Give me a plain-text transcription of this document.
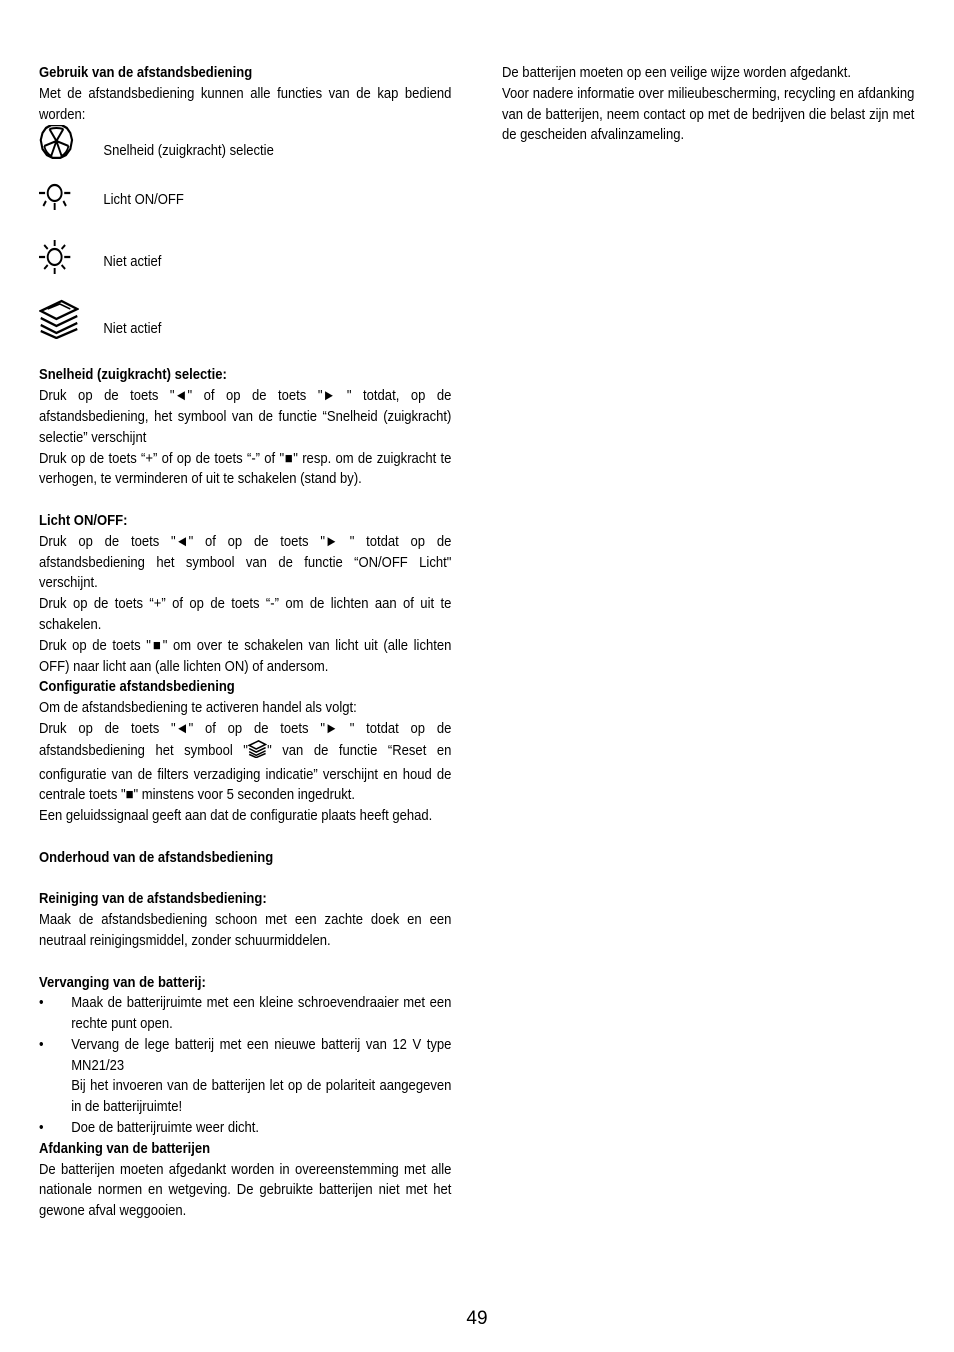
Gebruik van de afstandsbediening

Met de afstandsbediening kunnen alle functies van de kap bediend worden:

Snelheid (zuigkracht) selectie
Licht ON/OFF
Niet actief
Niet actief
Snelheid (zuigkracht) selectie:

Druk op de toets "◄" of op de toets "► " totdat, op de afstandsbediening, het symbool van de functie “Snelheid (zuigkracht) selectie” verschijnt

Druk op de toets “+” of op de toets “-” of "■" resp. om de zuigkracht te verhogen, te verminderen of uit te schakelen (stand by).

Licht ON/OFF:

Druk op de toets "◄" of op de toets "► " totdat op de afstandsbediening het symbool van de functie “ON/OFF Licht" verschijnt.

Druk op de toets “+” of op de toets “-” om de lichten aan of uit te schakelen.

Druk op de toets "■" om over te schakelen van licht uit (alle lichten OFF) naar licht aan (alle lichten ON) of andersom.

Configuratie afstandsbediening

Om de afstandsbediening te activeren handel als volgt:

Druk op de toets "◄" of op de toets "► " totdat op de afstandsbediening het symbool " " van de functie “Reset en configuratie van de filters verzadiging indicatie” verschijnt en houd de centrale toets "■" minstens voor 5 seconden ingedrukt.

Een geluidssignaal geeft aan dat de configuratie plaats heeft gehad.

Onderhoud van de afstandsbediening
Reiniging van de afstandsbediening:

Maak de afstandsbediening schoon met een zachte doek en een neutraal reinigingsmiddel, zonder schuurmiddelen.

Vervanging van de batterij:
• Maak de batterijruimte met een kleine schroevendraaier met een rechte punt open.
• Vervang de lege batterij met een nieuwe batterij van 12 V type MN21/23
Bij het invoeren van de batterijen let op de polariteit aangegeven in de batterijruimte!
• Doe de batterijruimte weer dicht.
Afdanking van de batterijen

De batterijen moeten afgedankt worden in overeenstemming met alle nationale normen en wetgeving. De gebruikte batterijen niet met het gewone afval weggooien.

De batterijen moeten op een veilige wijze worden afgedankt.

Voor nadere informatie over milieubescherming, recycling en afdanking van de batterijen, neem contact op met de bedrijven die belast zijn met de gescheiden afvalinzameling.

49
